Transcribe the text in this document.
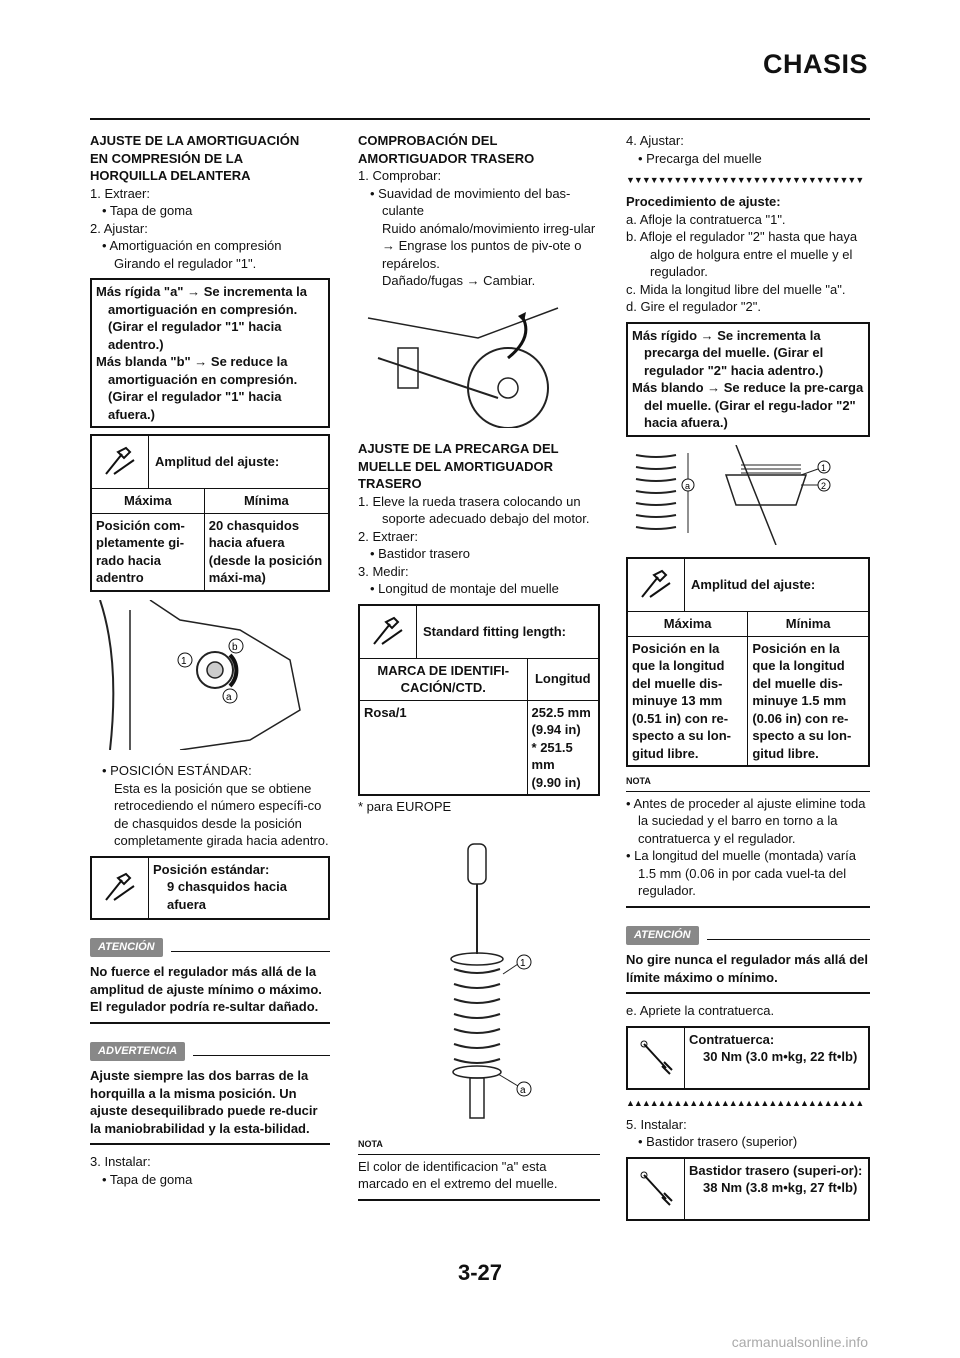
CHASIS
AJUSTE DE LA AMORTIGUACIÓN
EN COMPRESIÓN DE LA
HORQUILLA DELANTERA
1. Extraer:
• Tapa de goma
2. Ajustar:
• Amortiguación en compresión
Girando el regulador "1".
Más rígida "a" → Se incrementa la amortiguación en compresión. (Girar el regulador "1" hacia adentro.)
Más blanda "b" → Se reduce la amortiguación en compresión. (Girar el regulador "1" hacia afuera.)
Amplitud del ajuste:
Máxima	Mínima
Posición com-pletamente gi-rado hacia adentro	20 chasquidos hacia afuera (desde la posición máxi-ma)
1
b
a
• POSICIÓN ESTÁNDAR:
Esta es la posición que se obtiene retrocediendo el número específi-co de chasquidos desde la posición completamente girada hacia adentro.
Posición estándar:
9 chasquidos hacia afuera
ATENCIÓN
No fuerce el regulador más allá de la amplitud de ajuste mínimo o máximo. El regulador podría re-sultar dañado.
ADVERTENCIA
Ajuste siempre las dos barras de la horquilla a la misma posición. Un ajuste desequilibrado puede re-ducir la maniobrabilidad y la esta-bilidad.
3. Instalar:
• Tapa de goma
COMPROBACIÓN DEL
AMORTIGUADOR TRASERO
1. Comprobar:
• Suavidad de movimiento del bas-culante
Ruido anómalo/movimiento irreg-ular → Engrase los puntos de piv-ote o repárelos.
Dañado/fugas → Cambiar.
AJUSTE DE LA PRECARGA DEL
MUELLE DEL AMORTIGUADOR
TRASERO
1. Eleve la rueda trasera colocando un soporte adecuado debajo del motor.
2. Extraer:
• Bastidor trasero
3. Medir:
• Longitud de montaje del muelle
Standard fitting length:
MARCA DE IDENTIFI-CACIÓN/CTD.	Longitud
Rosa/1	252.5 mm
(9.94 in)
* 251.5 mm
(9.90 in)
* para EUROPE
1
a
NOTA
El color de identificacion "a" esta marcado en el extremo del muelle.
4. Ajustar:
• Precarga del muelle
▼▼▼▼▼▼▼▼▼▼▼▼▼▼▼▼▼▼▼▼▼▼▼▼▼▼▼▼▼▼
Procedimiento de ajuste:
a. Afloje la contratuerca "1".
b. Afloje el regulador "2" hasta que haya algo de holgura entre el muelle y el regulador.
c. Mida la longitud libre del muelle "a".
d. Gire el regulador "2".
Más rígido → Se incrementa la precarga del muelle. (Girar el regulador "2" hacia adentro.)
Más blando → Se reduce la pre-carga del muelle. (Girar el regu-lador "2" hacia afuera.)
a
1
2
Amplitud del ajuste:
Máxima	Mínima
Posición en la que la longitud del muelle dis-minuye 13 mm (0.51 in) con re-specto a su lon-gitud libre.	Posición en la que la longitud del muelle dis-minuye 1.5 mm (0.06 in) con re-specto a su lon-gitud libre.
NOTA
• Antes de proceder al ajuste elimine toda la suciedad y el barro en torno a la contratuerca y el regulador.
• La longitud del muelle (montada) varía 1.5 mm (0.06 in por cada vuel-ta del regulador.
ATENCIÓN
No gire nunca el regulador más allá del límite máximo o mínimo.
e. Apriete la contratuerca.
Contratuerca:
30 Nm (3.0 m•kg, 22 ft•lb)
▲▲▲▲▲▲▲▲▲▲▲▲▲▲▲▲▲▲▲▲▲▲▲▲▲▲▲▲▲▲
5. Instalar:
• Bastidor trasero (superior)
Bastidor trasero (superi-or):
38 Nm (3.8 m•kg, 27 ft•lb)
3-27
carmanualsonline.info
